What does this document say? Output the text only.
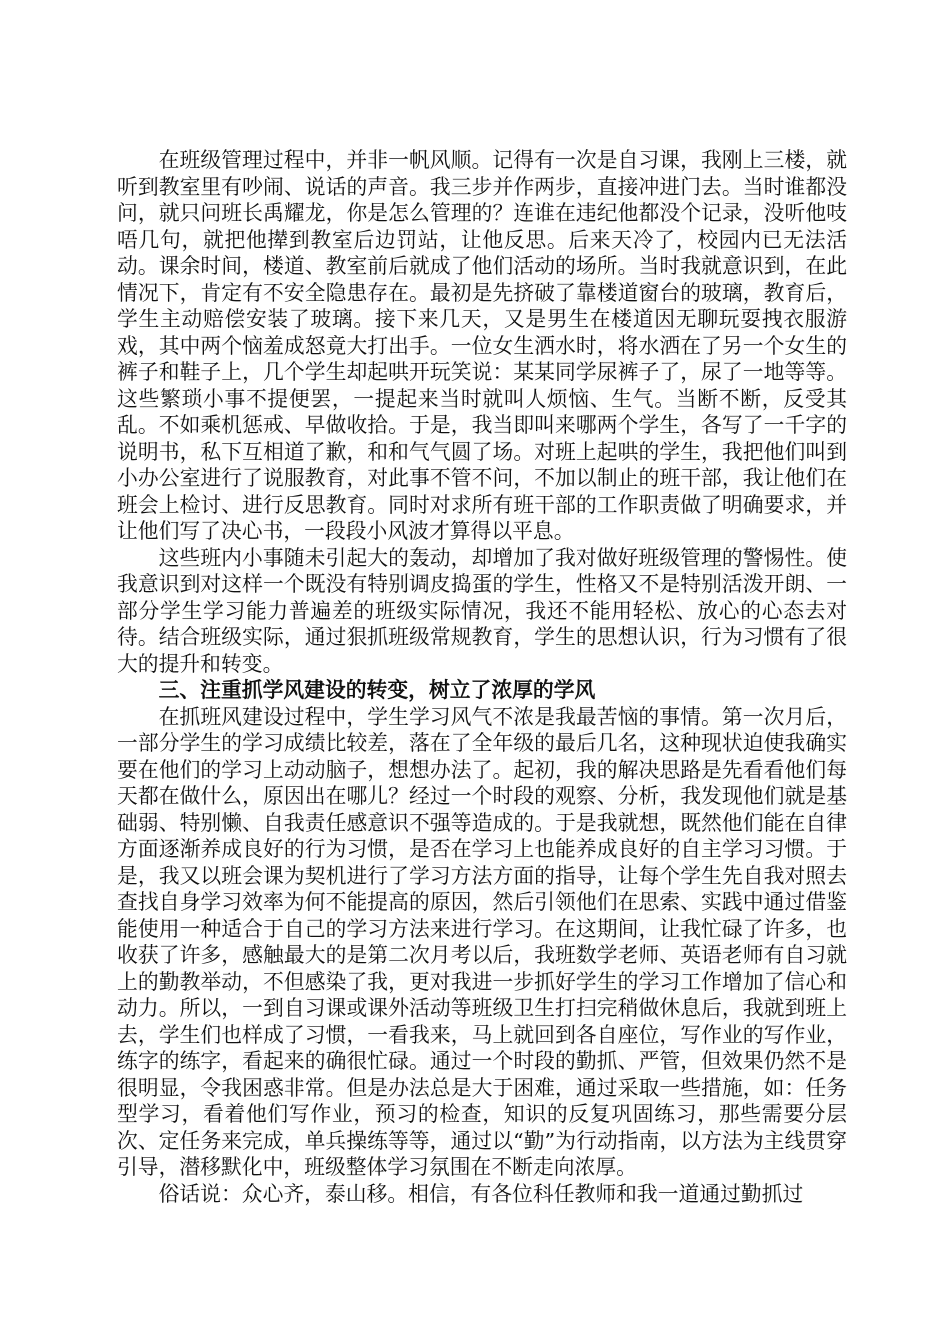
在班级管理过程中，并非一帆风顺。记得有一次是自习课，我刚上三楼，就听到教室里有吵闹、说话的声音。我三步并作两步，直接冲进门去。当时谁都没问，就只问班长禹耀龙，你是怎么管理的？连谁在违纪他都没个记录，没听他吱唔几句，就把他撵到教室后边罚站，让他反思。后来天冷了，校园内已无法活动。课余时间，楼道、教室前后就成了他们活动的场所。当时我就意识到，在此情况下，肯定有不安全隐患存在。最初是先挤破了靠楼道窗台的玻璃，教育后，学生主动赔偿安装了玻璃。接下来几天，又是男生在楼道因无聊玩耍拽衣服游戏，其中两个恼羞成怒竟大打出手。一位女生洒水时，将水洒在了另一个女生的裤子和鞋子上，几个学生却起哄开玩笑说：某某同学尿裤子了，尿了一地等等。这些繁琐小事不提便罢，一提起来当时就叫人烦恼、生气。当断不断，反受其乱。不如乘机惩戒、早做收拾。于是，我当即叫来哪两个学生，各写了一千字的说明书，私下互相道了歉，和和气气圆了场。对班上起哄的学生，我把他们叫到小办公室进行了说服教育，对此事不管不问，不加以制止的班干部，我让他们在班会上检讨、进行反思教育。同时对求所有班干部的工作职责做了明确要求，并让他们写了决心书，一段段小风波才算得以平息。

这些班内小事随未引起大的轰动，却增加了我对做好班级管理的警惕性。使我意识到对这样一个既没有特别调皮捣蛋的学生，性格又不是特别活泼开朗、一部分学生学习能力普遍差的班级实际情况，我还不能用轻松、放心的心态去对待。结合班级实际，通过狠抓班级常规教育，学生的思想认识，行为习惯有了很大的提升和转变。

三、注重抓学风建设的转变，树立了浓厚的学风

在抓班风建设过程中，学生学习风气不浓是我最苦恼的事情。第一次月后，一部分学生的学习成绩比较差，落在了全年级的最后几名，这种现状迫使我确实要在他们的学习上动动脑子，想想办法了。起初，我的解决思路是先看看他们每天都在做什么，原因出在哪儿？经过一个时段的观察、分析，我发现他们就是基础弱、特别懒、自我责任感意识不强等造成的。于是我就想，既然他们能在自律方面逐渐养成良好的行为习惯，是否在学习上也能养成良好的自主学习习惯。于是，我又以班会课为契机进行了学习方法方面的指导，让每个学生先自我对照去查找自身学习效率为何不能提高的原因，然后引领他们在思索、实践中通过借鉴能使用一种适合于自己的学习方法来进行学习。在这期间，让我忙碌了许多，也收获了许多，感触最大的是第二次月考以后，我班数学老师、英语老师有自习就上的勤教举动，不但感染了我，更对我进一步抓好学生的学习工作增加了信心和动力。所以，一到自习课或课外活动等班级卫生打扫完稍做休息后，我就到班上去，学生们也样成了习惯，一看我来，马上就回到各自座位，写作业的写作业，练字的练字，看起来的确很忙碌。通过一个时段的勤抓、严管，但效果仍然不是很明显，令我困惑非常。但是办法总是大于困难，通过采取一些措施，如：任务型学习，看着他们写作业，预习的检查，知识的反复巩固练习，那些需要分层次、定任务来完成，单兵操练等等，通过以“勤”为行动指南，以方法为主线贯穿引导，潜移默化中，班级整体学习氛围在不断走向浓厚。

俗话说：众心齐，泰山移。相信，有各位科任教师和我一道通过勤抓过
